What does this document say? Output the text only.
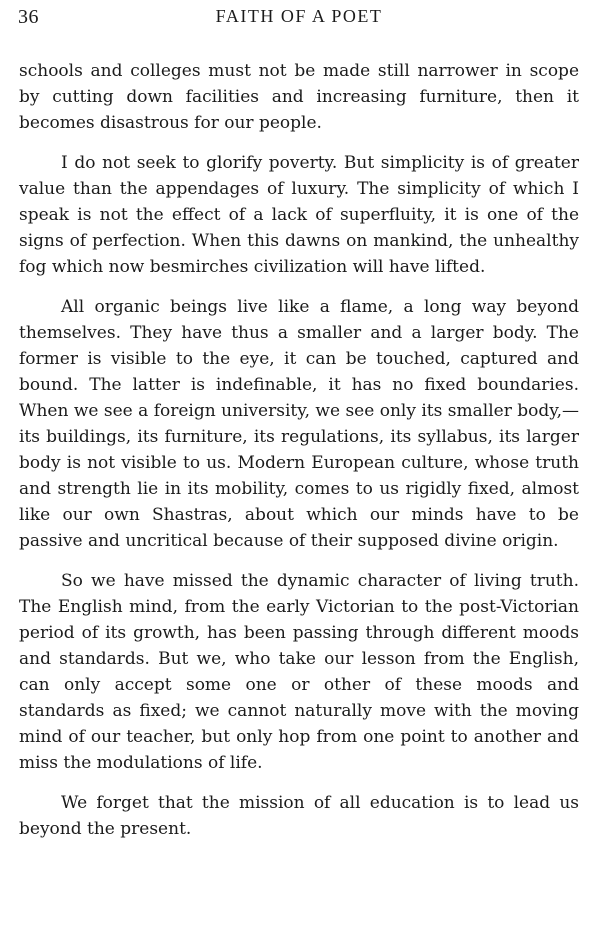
36	FAITH OF A POET

schools and colleges must not be made still narrower in scope by cutting down facilities and increasing furniture, then it becomes disastrous for our people.

I do not seek to glorify poverty. But simplicity is of greater value than the appendages of luxury. The simplicity of which I speak is not the effect of a lack of superfluity, it is one of the signs of perfection. When this dawns on mankind, the unhealthy fog which now besmirches civilization will have lifted.

All organic beings live like a flame, a long way beyond themselves. They have thus a smaller and a larger body. The former is visible to the eye, it can be touched, captured and bound. The latter is indefinable, it has no fixed boundaries. When we see a foreign university, we see only its smaller body,—its buildings, its furniture, its regulations, its syllabus, its larger body is not visible to us. Modern European culture, whose truth and strength lie in its mobility, comes to us rigidly fixed, almost like our own Shastras, about which our minds have to be passive and uncritical because of their supposed divine origin.

So we have missed the dynamic character of living truth. The English mind, from the early Victorian to the post-Victorian period of its growth, has been passing through different moods and standards. But we, who take our lesson from the English, can only accept some one or other of these moods and standards as fixed; we cannot naturally move with the moving mind of our teacher, but only hop from one point to another and miss the modulations of life.

We forget that the mission of all education is to lead us beyond the present.
